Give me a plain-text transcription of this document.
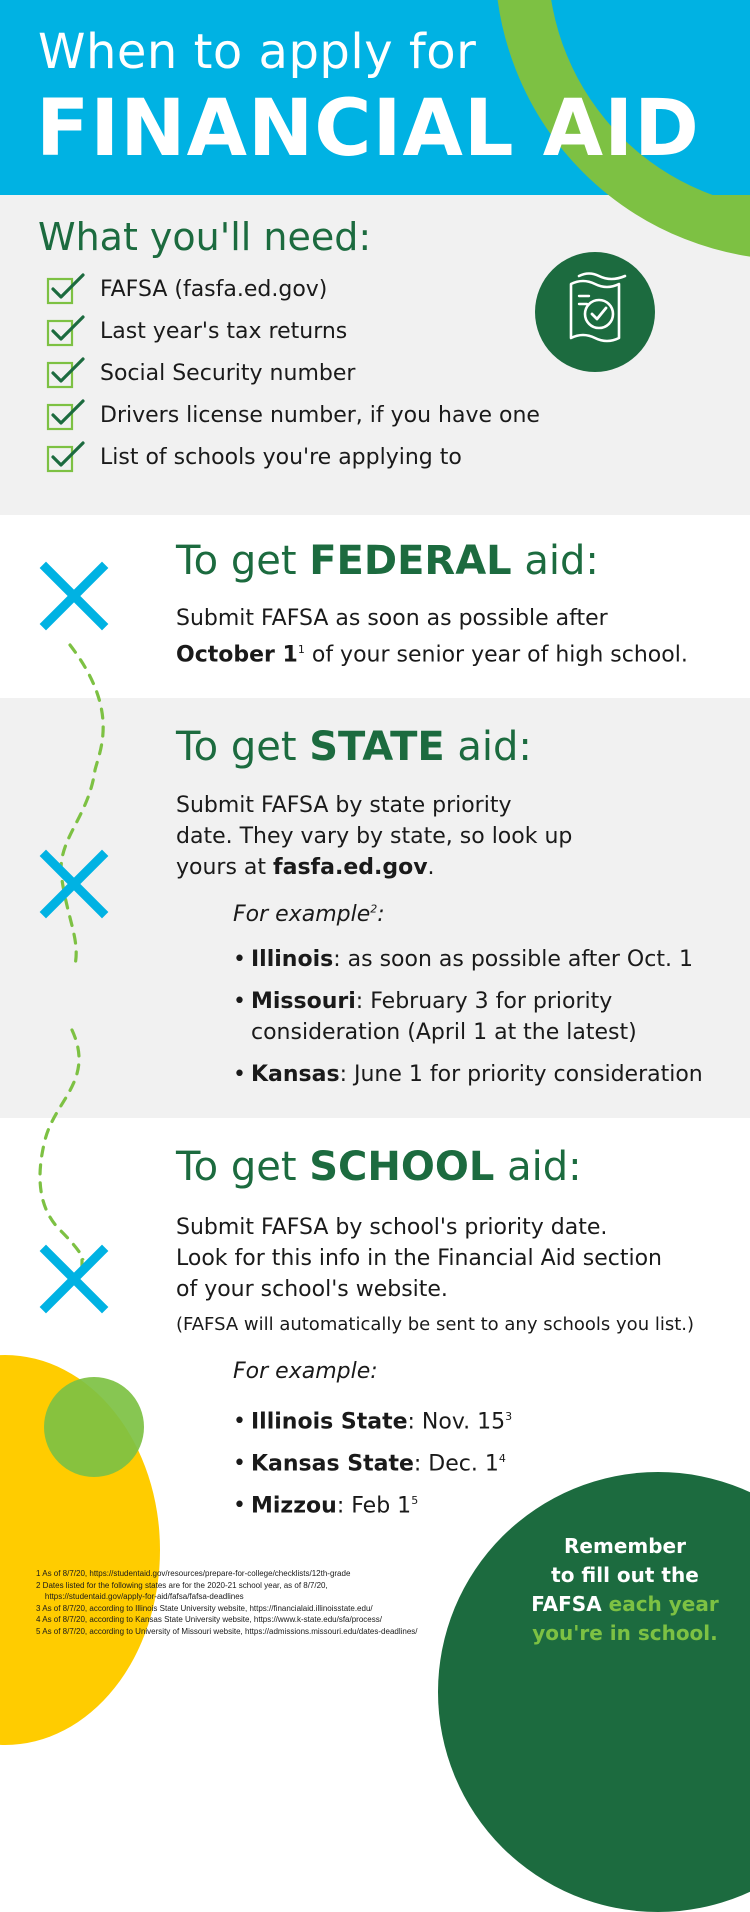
When to apply for
FINANCIAL AID
What you'll need:
FAFSA (fasfa.ed.gov)
Last year's tax returns
Social Security number
Drivers license number, if you have one
List of schools you're applying to
To get FEDERAL aid:
Submit FAFSA as soon as possible after
October $1^1$ of your senior year of high school.
To get STATE aid:
Submit FAFSA by state priority
date. They vary by state, so look up
yours at fasfa.ed.gov.
For example$^2$:
• Illinois: as soon as possible after Oct. 1
• Missouri: February 3 for priority
consideration (April 1 at the latest)
• Kansas: June 1 for priority consideration
To get SCHOOL aid:
Submit FAFSA by school's priority date.
Look for this info in the Financial Aid section
of your school's website.
(FAFSA will automatically be sent to any schools you list.)
For example:
• Illinois State: Nov. $15^3$
• Kansas State: Dec. $1^4$
• Mizzou: Feb $1^5$
Remember
to fill out the
FAFSA each year
you're in school.
1 As of 8/7/20, https://studentaid.gov/resources/prepare-for-college/checklists/12th-grade
2 Dates listed for the following states are for the 2020-21 school year, as of 8/7/20,
https://studentaid.gov/apply-for-aid/fafsa/fafsa-deadlines
3 As of 8/7/20, according to Illinois State University website, https://financialaid.illinoisstate.edu/
4 As of 8/7/20, according to Kansas State University website, https://www.k-state.edu/sfa/process/
5 As of 8/7/20, according to University of Missouri website, https://admissions.missouri.edu/dates-deadlines/
